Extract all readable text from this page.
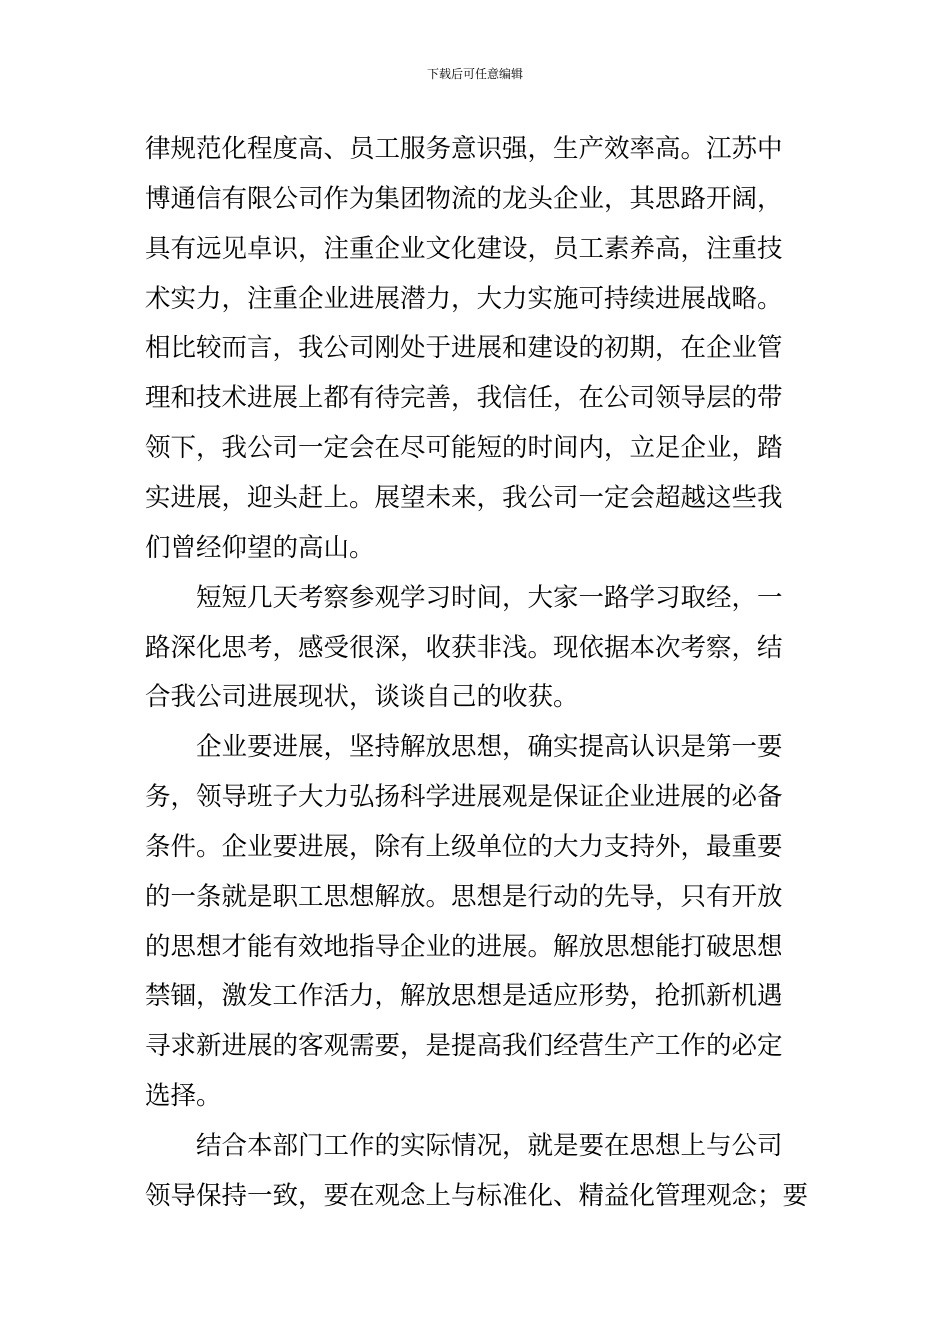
下载后可任意编辑
律规范化程度高、员工服务意识强，生产效率高。江苏中
博通信有限公司作为集团物流的龙头企业，其思路开阔，
具有远见卓识，注重企业文化建设，员工素养高，注重技
术实力，注重企业进展潜力，大力实施可持续进展战略。
相比较而言，我公司刚处于进展和建设的初期，在企业管
理和技术进展上都有待完善，我信任，在公司领导层的带
领下，我公司一定会在尽可能短的时间内，立足企业，踏
实进展，迎头赶上。展望未来，我公司一定会超越这些我
们曾经仰望的高山。
　　短短几天考察参观学习时间，大家一路学习取经，一
路深化思考，感受很深，收获非浅。现依据本次考察，结
合我公司进展现状，谈谈自己的收获。
　　企业要进展，坚持解放思想，确实提高认识是第一要
务，领导班子大力弘扬科学进展观是保证企业进展的必备
条件。企业要进展，除有上级单位的大力支持外，最重要
的一条就是职工思想解放。思想是行动的先导，只有开放
的思想才能有效地指导企业的进展。解放思想能打破思想
禁锢，激发工作活力，解放思想是适应形势，抢抓新机遇
寻求新进展的客观需要，是提高我们经营生产工作的必定
选择。
　　结合本部门工作的实际情况，就是要在思想上与公司
领导保持一致，要在观念上与标准化、精益化管理观念；要
